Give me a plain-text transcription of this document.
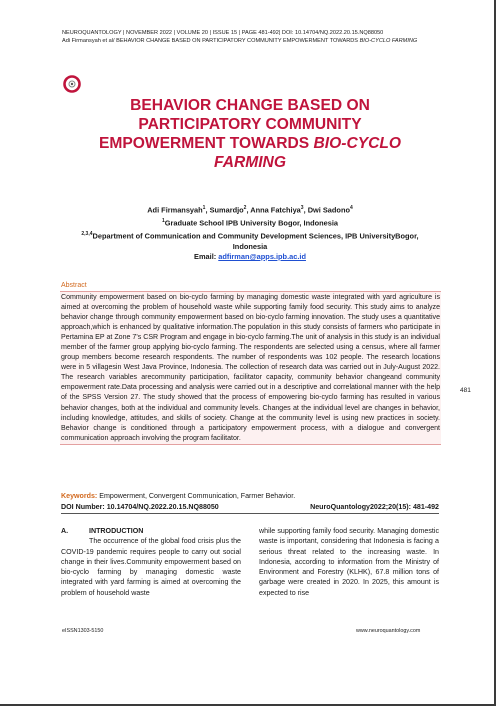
NEUROQUANTOLOGY | NOVEMBER 2022 | VOLUME 20 | ISSUE 15 | PAGE 481-492| DOI: 10.14704/NQ.2022.20.15.NQ88050
Adi Firmansyah et al/ BEHAVIOR CHANGE BASED ON PARTICIPATORY COMMUNITY EMPOWERMENT TOWARDS BIO-CYCLO FARMING
BEHAVIOR CHANGE BASED ON
PARTICIPATORY COMMUNITY
EMPOWERMENT TOWARDS BIO-CYCLO
FARMING
Adi Firmansyah$^1$, Sumardjo$^2$, Anna Fatchiya$^3$, Dwi Sadono$^4$
$^1$Graduate School IPB University Bogor, Indonesia
$^{2,3,4}$Department of Communication and Community Development Sciences, IPB UniversityBogor, Indonesia
Email: adfirman@apps.ipb.ac.id
Abstract

Community empowerment based on bio-cyclo farming by managing domestic waste integrated with yard agriculture is aimed at overcoming the problem of household waste while supporting family food security. This study aims to analyze behavior change through community empowerment based on bio-cyclo farming innovation. The study uses a quantitative approach,which is enhanced by qualitative information.The population in this study consists of farmers who participate in Pertamina EP at Zone 7's CSR Program and engage in bio-cyclo farming.The unit of analysis in this study is an individual member of the farmer group applying bio-cyclo farming. The respondents are selected using a census, where all farmer group members become research respondents. The number of respondents was 102 people. The research locations were in 5 villagesin West Java Province, Indonesia. The collection of research data was carried out in July-August 2022. The research variables arecommunity participation, facilitator capacity, community behavior changeand community empowerment rate.Data processing and analysis were carried out in a descriptive and correlational manner with the help of the SPSS Version 27. The study showed that the process of empowering bio-cyclo farming has resulted in various behavior changes, both at the individual and community levels. Changes at the individual level are changes in behavior, including knowledge, attitudes, and skills of society. Change at the community level is using new practices in society. Behavior change is conditioned through a participatory empowerment process, with a dialogue and convergent communication approach involving the program facilitator.

481
Keywords: Empowerment, Convergent Communication, Farmer Behavior.
DOI Number: 10.14704/NQ.2022.20.15.NQ88050	NeuroQuantology2022;20(15): 481-492
A.	INTRODUCTION

The occurrence of the global food crisis plus the COVID-19 pandemic requires people to carry out social change in their lives.Community empowerment based on bio-cyclo farming by managing domestic waste integrated with yard farming is aimed at overcoming the problem of household waste

while supporting family food security. Managing domestic waste is important, considering that Indonesia is facing a serious threat related to the increasing waste. In Indonesia, according to information from the Ministry of Environment and Forestry (KLHK), 67.8 million tons of garbage were created in 2020. In 2025, this amount is expected to rise

eISSN1303-5150	www.neuroquantology.com
